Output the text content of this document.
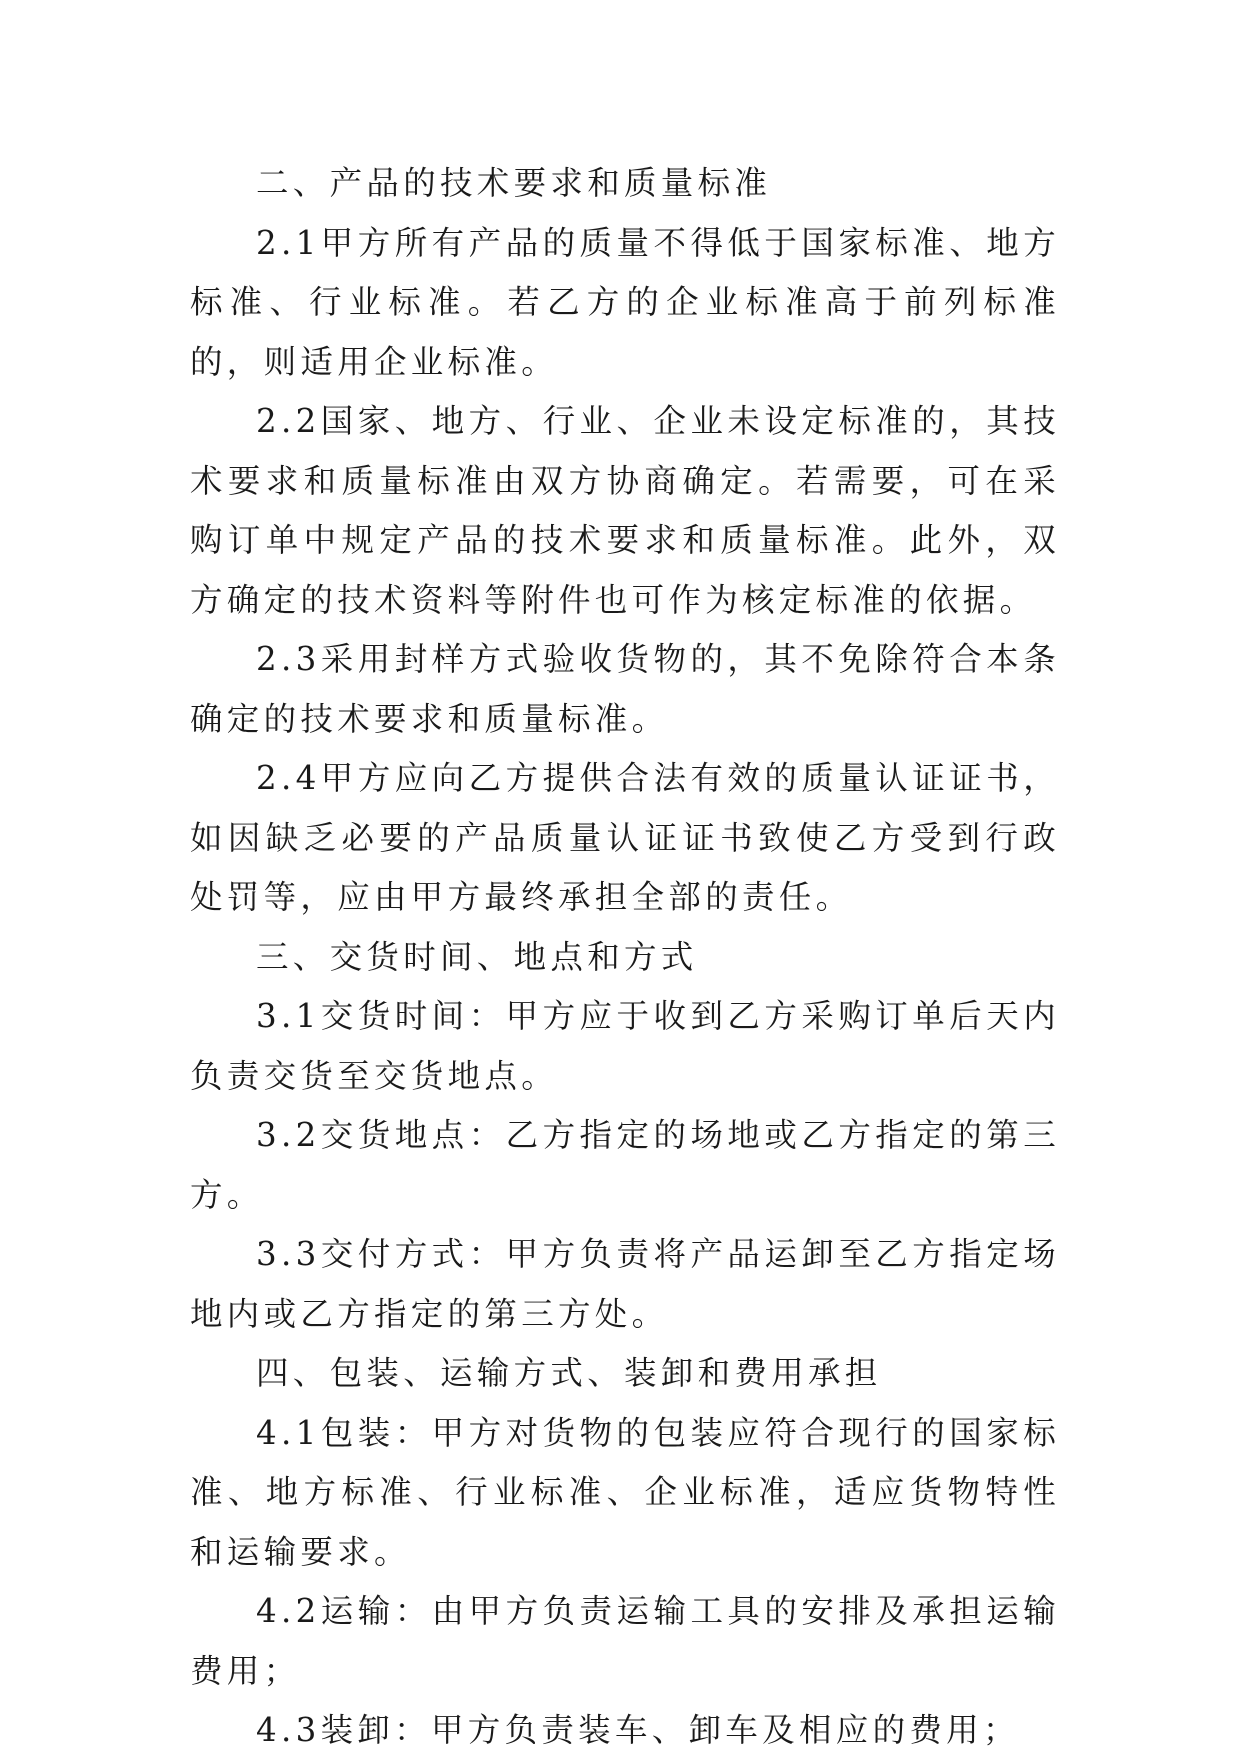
二、产品的技术要求和质量标准

2.1甲方所有产品的质量不得低于国家标准、地方标准、行业标准。若乙方的企业标准高于前列标准的，则适用企业标准。

2.2国家、地方、行业、企业未设定标准的，其技术要求和质量标准由双方协商确定。若需要，可在采购订单中规定产品的技术要求和质量标准。此外，双方确定的技术资料等附件也可作为核定标准的依据。

2.3采用封样方式验收货物的，其不免除符合本条确定的技术要求和质量标准。

2.4甲方应向乙方提供合法有效的质量认证证书，如因缺乏必要的产品质量认证证书致使乙方受到行政处罚等，应由甲方最终承担全部的责任。

三、交货时间、地点和方式

3.1交货时间：甲方应于收到乙方采购订单后天内负责交货至交货地点。

3.2交货地点：乙方指定的场地或乙方指定的第三方。

3.3交付方式：甲方负责将产品运卸至乙方指定场地内或乙方指定的第三方处。

四、包装、运输方式、装卸和费用承担

4.1包装：甲方对货物的包装应符合现行的国家标准、地方标准、行业标准、企业标准，适应货物特性和运输要求。

4.2运输：由甲方负责运输工具的安排及承担运输费用；

4.3装卸：甲方负责装车、卸车及相应的费用；
